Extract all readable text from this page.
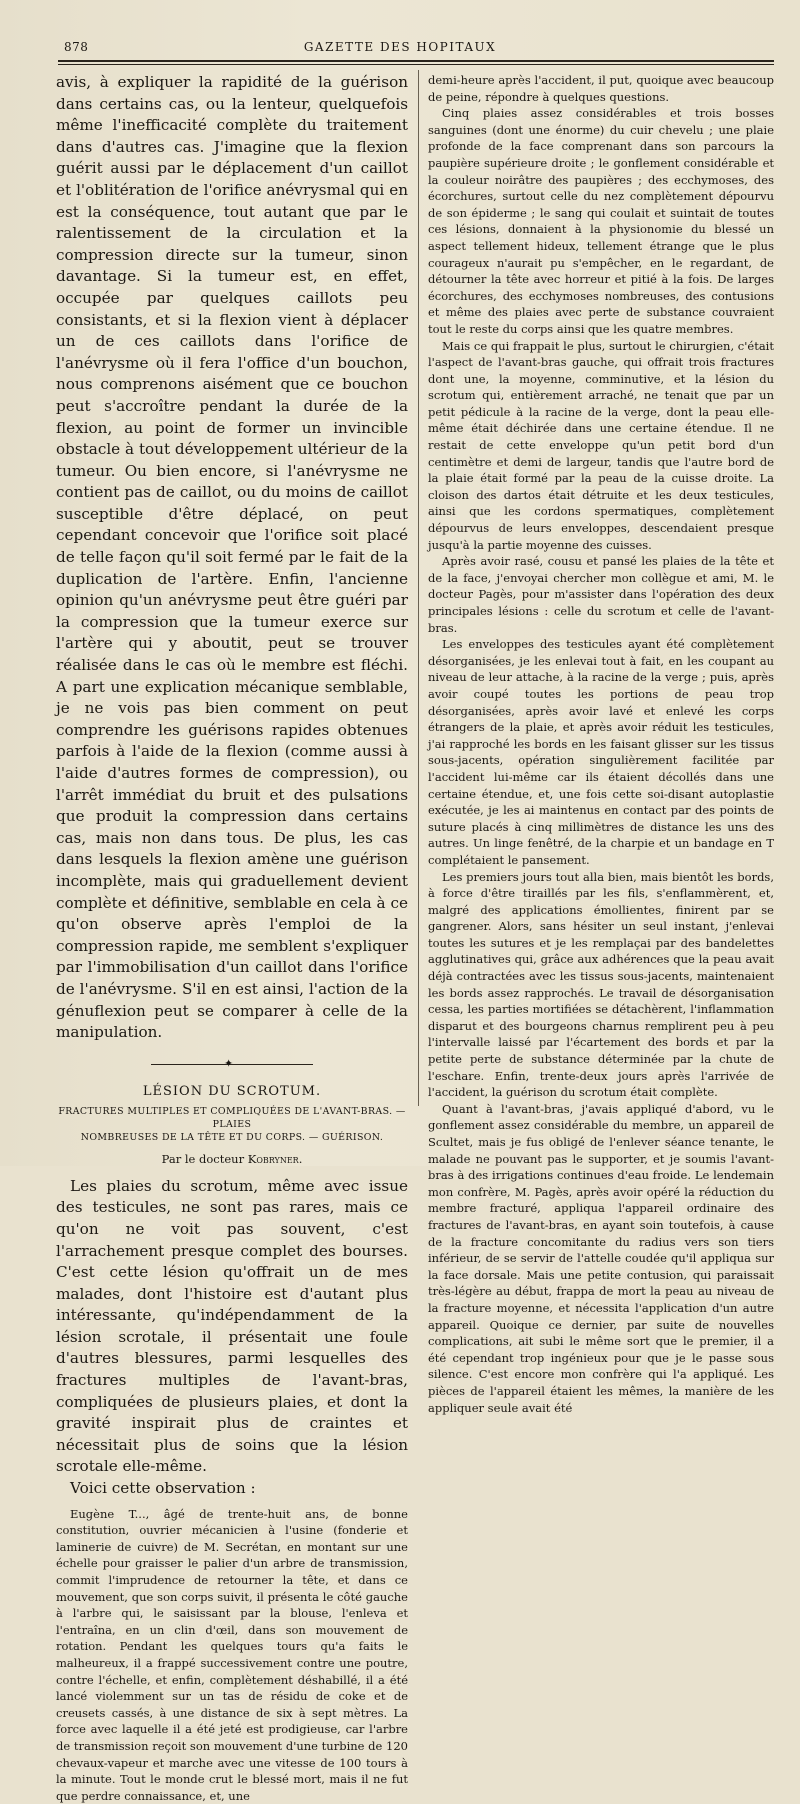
878	GAZETTE DES HOPITAUX

avis, à expliquer la rapidité de la guérison dans certains cas, ou la lenteur, quelquefois même l'inefficacité complète du traitement dans d'autres cas. J'imagine que la flexion guérit aussi par le déplacement d'un caillot et l'oblitération de l'orifice anévrysmal qui en est la conséquence, tout autant que par le ralentissement de la circulation et la compression directe sur la tumeur, sinon davantage. Si la tumeur est, en effet, occupée par quelques caillots peu consistants, et si la flexion vient à déplacer un de ces caillots dans l'orifice de l'anévrysme où il fera l'office d'un bouchon, nous comprenons aisément que ce bouchon peut s'accroître pendant la durée de la flexion, au point de former un invincible obstacle à tout développement ultérieur de la tumeur. Ou bien encore, si l'anévrysme ne contient pas de caillot, ou du moins de caillot susceptible d'être déplacé, on peut cependant concevoir que l'orifice soit placé de telle façon qu'il soit fermé par le fait de la duplication de l'artère. Enfin, l'ancienne opinion qu'un anévrysme peut être guéri par la compression que la tumeur exerce sur l'artère qui y aboutit, peut se trouver réalisée dans le cas où le membre est fléchi. A part une explication mécanique semblable, je ne vois pas bien comment on peut comprendre les guérisons rapides obtenues parfois à l'aide de la flexion (comme aussi à l'aide d'autres formes de compression), ou l'arrêt immédiat du bruit et des pulsations que produit la compression dans certains cas, mais non dans tous. De plus, les cas dans lesquels la flexion amène une guérison incomplète, mais qui graduellement devient complète et définitive, semblable en cela à ce qu'on observe après l'emploi de la compression rapide, me semblent s'expliquer par l'immobilisation d'un caillot dans l'orifice de l'anévrysme. S'il en est ainsi, l'action de la génuflexion peut se comparer à celle de la manipulation.

✦
LÉSION DU SCROTUM.
FRACTURES MULTIPLES ET COMPLIQUÉES DE L'AVANT-BRAS. — PLAIES
NOMBREUSES DE LA TÊTE ET DU CORPS. — GUÉRISON.
Par le docteur Kobryner.

Les plaies du scrotum, même avec issue des testicules, ne sont pas rares, mais ce qu'on ne voit pas souvent, c'est l'arrachement presque complet des bourses. C'est cette lésion qu'offrait un de mes malades, dont l'histoire est d'autant plus intéressante, qu'indépendamment de la lésion scrotale, il présentait une foule d'autres blessures, parmi lesquelles des fractures multiples de l'avant-bras, compliquées de plusieurs plaies, et dont la gravité inspirait plus de craintes et nécessitait plus de soins que la lésion scrotale elle-même.

Voici cette observation :

Eugène T..., âgé de trente-huit ans, de bonne constitution, ouvrier mécanicien à l'usine (fonderie et laminerie de cuivre) de M. Secrétan, en montant sur une échelle pour graisser le palier d'un arbre de transmission, commit l'imprudence de retourner la tête, et dans ce mouvement, que son corps suivit, il présenta le côté gauche à l'arbre qui, le saisissant par la blouse, l'enleva et l'entraîna, en un clin d'œil, dans son mouvement de rotation. Pendant les quelques tours qu'a faits le malheureux, il a frappé successivement contre une poutre, contre l'échelle, et enfin, complètement déshabillé, il a été lancé violemment sur un tas de résidu de coke et de creusets cassés, à une distance de six à sept mètres. La force avec laquelle il a été jeté est prodigieuse, car l'arbre de transmission reçoit son mouvement d'une turbine de 120 chevaux-vapeur et marche avec une vitesse de 100 tours à la minute. Tout le monde crut le blessé mort, mais il ne fut que perdre connaissance, et, une

demi-heure après l'accident, il put, quoique avec beaucoup de peine, répondre à quelques questions.

Cinq plaies assez considérables et trois bosses sanguines (dont une énorme) du cuir chevelu ; une plaie profonde de la face comprenant dans son parcours la paupière supérieure droite ; le gonflement considérable et la couleur noirâtre des paupières ; des ecchymoses, des écorchures, surtout celle du nez complètement dépourvu de son épiderme ; le sang qui coulait et suintait de toutes ces lésions, donnaient à la physionomie du blessé un aspect tellement hideux, tellement étrange que le plus courageux n'aurait pu s'empêcher, en le regardant, de détourner la tête avec horreur et pitié à la fois. De larges écorchures, des ecchymoses nombreuses, des contusions et même des plaies avec perte de substance couvraient tout le reste du corps ainsi que les quatre membres.

Mais ce qui frappait le plus, surtout le chirurgien, c'était l'aspect de l'avant-bras gauche, qui offrait trois fractures dont une, la moyenne, comminutive, et la lésion du scrotum qui, entièrement arraché, ne tenait que par un petit pédicule à la racine de la verge, dont la peau elle-même était déchirée dans une certaine étendue. Il ne restait de cette enveloppe qu'un petit bord d'un centimètre et demi de largeur, tandis que l'autre bord de la plaie était formé par la peau de la cuisse droite. La cloison des dartos était détruite et les deux testicules, ainsi que les cordons spermatiques, complètement dépourvus de leurs enveloppes, descendaient presque jusqu'à la partie moyenne des cuisses.

Après avoir rasé, cousu et pansé les plaies de la tête et de la face, j'envoyai chercher mon collègue et ami, M. le docteur Pagès, pour m'assister dans l'opération des deux principales lésions : celle du scrotum et celle de l'avant-bras.

Les enveloppes des testicules ayant été complètement désorganisées, je les enlevai tout à fait, en les coupant au niveau de leur attache, à la racine de la verge ; puis, après avoir coupé toutes les portions de peau trop désorganisées, après avoir lavé et enlevé les corps étrangers de la plaie, et après avoir réduit les testicules, j'ai rapproché les bords en les faisant glisser sur les tissus sous-jacents, opération singulièrement facilitée par l'accident lui-même car ils étaient décollés dans une certaine étendue, et, une fois cette soi-disant autoplastie exécutée, je les ai maintenus en contact par des points de suture placés à cinq millimètres de distance les uns des autres. Un linge fenêtré, de la charpie et un bandage en T complétaient le pansement.

Les premiers jours tout alla bien, mais bientôt les bords, à force d'être tiraillés par les fils, s'enflammèrent, et, malgré des applications émollientes, finirent par se gangrener. Alors, sans hésiter un seul instant, j'enlevai toutes les sutures et je les remplaçai par des bandelettes agglutinatives qui, grâce aux adhérences que la peau avait déjà contractées avec les tissus sous-jacents, maintenaient les bords assez rapprochés. Le travail de désorganisation cessa, les parties mortifiées se détachèrent, l'inflammation disparut et des bourgeons charnus remplirent peu à peu l'intervalle laissé par l'écartement des bords et par la petite perte de substance déterminée par la chute de l'eschare. Enfin, trente-deux jours après l'arrivée de l'accident, la guérison du scrotum était complète.

Quant à l'avant-bras, j'avais appliqué d'abord, vu le gonflement assez considérable du membre, un appareil de Scultet, mais je fus obligé de l'enlever séance tenante, le malade ne pouvant pas le supporter, et je soumis l'avant-bras à des irrigations continues d'eau froide. Le lendemain mon confrère, M. Pagès, après avoir opéré la réduction du membre fracturé, appliqua l'appareil ordinaire des fractures de l'avant-bras, en ayant soin toutefois, à cause de la fracture concomitante du radius vers son tiers inférieur, de se servir de l'attelle coudée qu'il appliqua sur la face dorsale. Mais une petite contusion, qui paraissait très-légère au début, frappa de mort la peau au niveau de la fracture moyenne, et nécessita l'application d'un autre appareil. Quoique ce dernier, par suite de nouvelles complications, ait subi le même sort que le premier, il a été cependant trop ingénieux pour que je le passe sous silence. C'est encore mon confrère qui l'a appliqué. Les pièces de l'appareil étaient les mêmes, la manière de les appliquer seule avait été
